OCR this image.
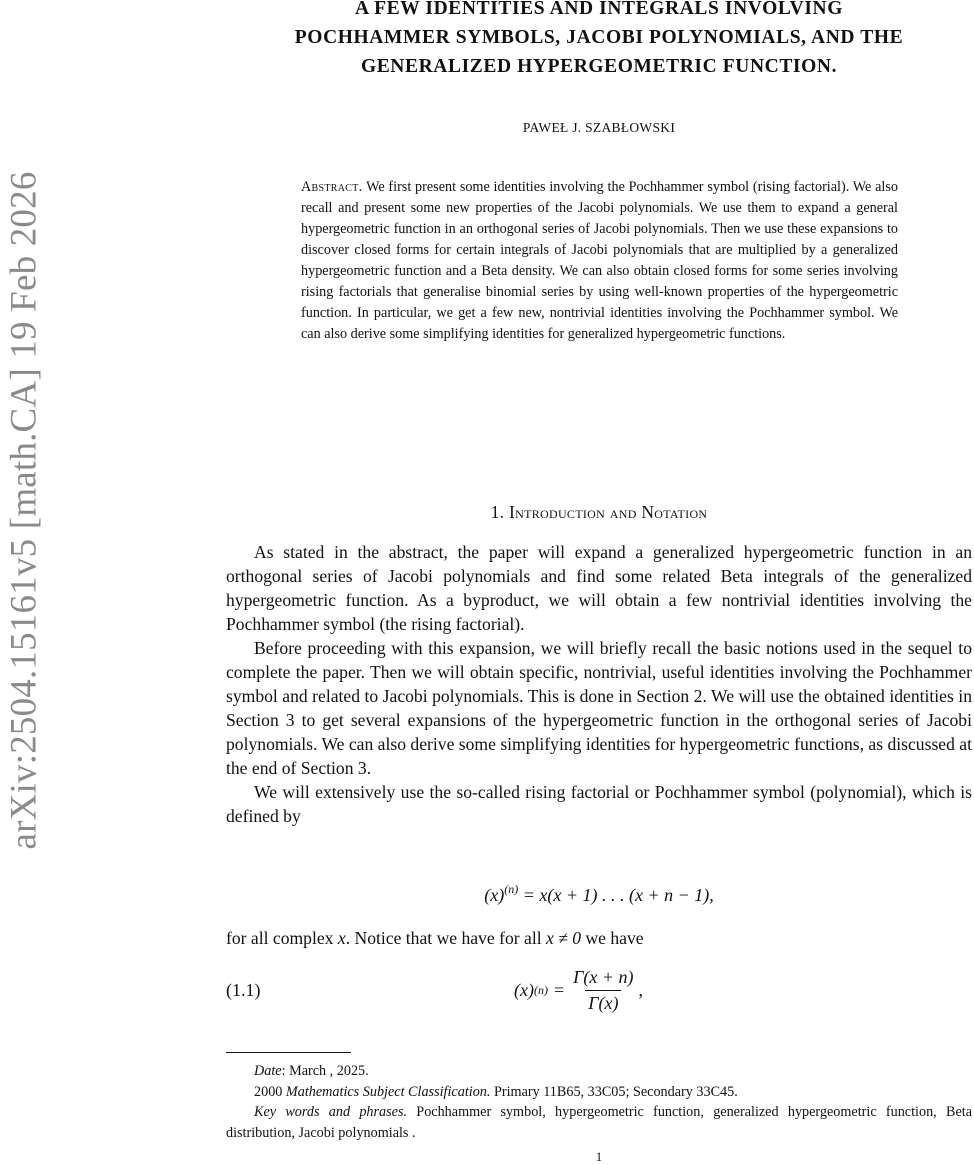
arXiv:2504.15161v5 [math.CA] 19 Feb 2026
A FEW IDENTITIES AND INTEGRALS INVOLVING
POCHHAMMER SYMBOLS, JACOBI POLYNOMIALS, AND THE
GENERALIZED HYPERGEOMETRIC FUNCTION.
PAWEŁ J. SZABŁOWSKI
Abstract. We first present some identities involving the Pochhammer symbol (rising factorial). We also recall and present some new properties of the Jacobi polynomials. We use them to expand a general hypergeometric function in an orthogonal series of Jacobi polynomials. Then we use these expansions to discover closed forms for certain integrals of Jacobi polynomials that are multiplied by a generalized hypergeometric function and a Beta density. We can also obtain closed forms for some series involving rising factorials that generalise binomial series by using well-known properties of the hypergeometric function. In particular, we get a few new, nontrivial identities involving the Pochhammer symbol. We can also derive some simplifying identities for generalized hypergeometric functions.
1. Introduction and Notation

As stated in the abstract, the paper will expand a generalized hypergeometric function in an orthogonal series of Jacobi polynomials and find some related Beta integrals of the generalized hypergeometric function. As a byproduct, we will obtain a few nontrivial identities involving the Pochhammer symbol (the rising factorial).

Before proceeding with this expansion, we will briefly recall the basic notions used in the sequel to complete the paper. Then we will obtain specific, nontrivial, useful identities involving the Pochhammer symbol and related to Jacobi polynomials. This is done in Section 2. We will use the obtained identities in Section 3 to get several expansions of the hypergeometric function in the orthogonal series of Jacobi polynomials. We can also derive some simplifying identities for hypergeometric functions, as discussed at the end of Section 3.

We will extensively use the so-called rising factorial or Pochhammer symbol (polynomial), which is defined by

$(x)^{(n)} = x(x + 1)$ . . . (x + n − 1),

for all complex x. Notice that we have for all x ≠ 0 we have

(1.1)	(x) $(n) = \frac{\Gamma(x + n)}{\Gamma(x)}$ ,

Date: March , 2025.

2000 Mathematics Subject Classification. Primary 11B65, 33C05; Secondary 33C45.

Key words and phrases. Pochhammer symbol, hypergeometric function, generalized hypergeometric function, Beta distribution, Jacobi polynomials .

1
